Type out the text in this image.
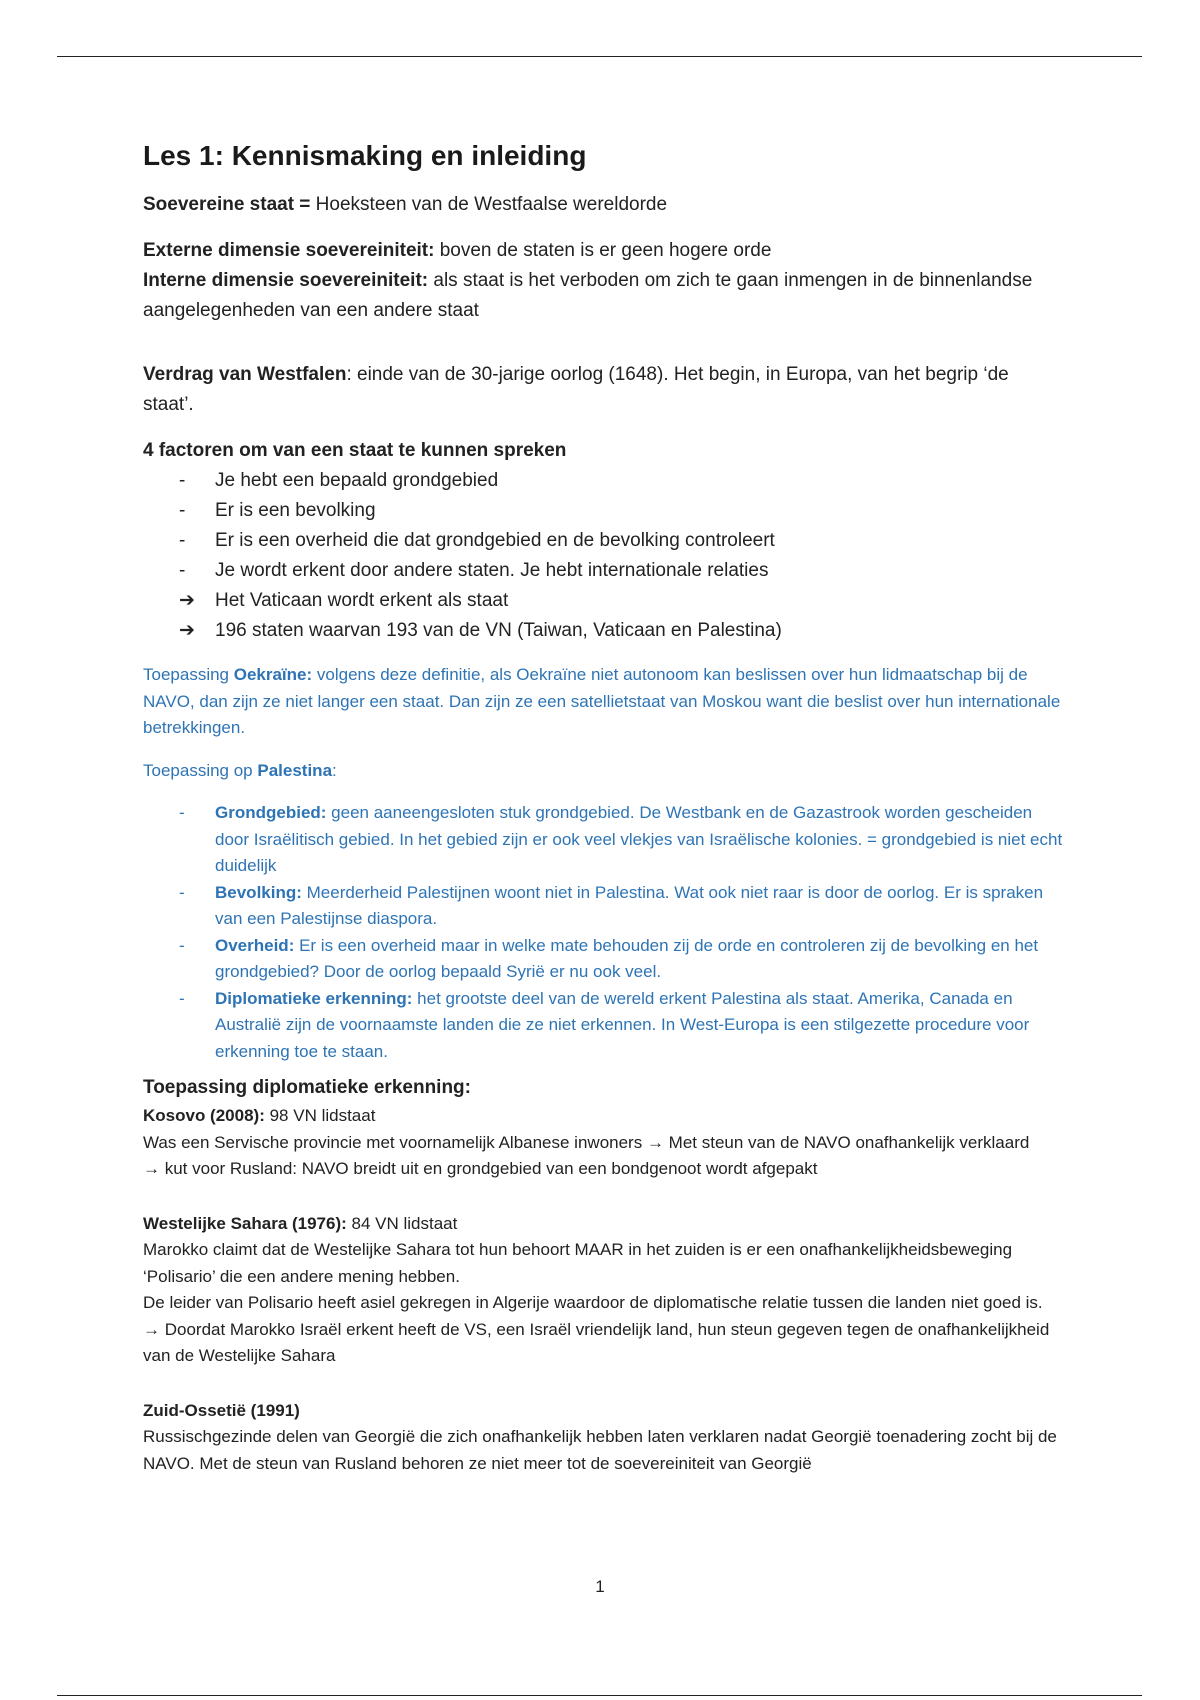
Les 1: Kennismaking en inleiding

Soevereine staat = Hoeksteen van de Westfaalse wereldorde

Externe dimensie soevereiniteit: boven de staten is er geen hogere orde

Interne dimensie soevereiniteit: als staat is het verboden om zich te gaan inmengen in de binnenlandse aangelegenheden van een andere staat

Verdrag van Westfalen: einde van de 30-jarige oorlog (1648). Het begin, in Europa, van het begrip ‘de staat’.

4 factoren om van een staat te kunnen spreken

- Je hebt een bepaald grondgebied
- Er is een bevolking
- Er is een overheid die dat grondgebied en de bevolking controleert
- Je wordt erkent door andere staten. Je hebt internationale relaties
➔ Het Vaticaan wordt erkent als staat
➔ 196 staten waarvan 193 van de VN (Taiwan, Vaticaan en Palestina)

Toepassing Oekraïne: volgens deze definitie, als Oekraïne niet autonoom kan beslissen over hun lidmaatschap bij de NAVO, dan zijn ze niet langer een staat. Dan zijn ze een satellietstaat van Moskou want die beslist over hun internationale betrekkingen.

Toepassing op Palestina:

- Grondgebied: geen aaneengesloten stuk grondgebied. De Westbank en de Gazastrook worden gescheiden door Israëlitisch gebied. In het gebied zijn er ook veel vlekjes van Israëlische kolonies. = grondgebied is niet echt duidelijk
- Bevolking: Meerderheid Palestijnen woont niet in Palestina. Wat ook niet raar is door de oorlog. Er is spraken van een Palestijnse diaspora.
- Overheid: Er is een overheid maar in welke mate behouden zij de orde en controleren zij de bevolking en het grondgebied? Door de oorlog bepaald Syrië er nu ook veel.
- Diplomatieke erkenning: het grootste deel van de wereld erkent Palestina als staat. Amerika, Canada en Australië zijn de voornaamste landen die ze niet erkennen. In West-Europa is een stilgezette procedure voor erkenning toe te staan.

Toepassing diplomatieke erkenning:

Kosovo (2008): 98 VN lidstaat

Was een Servische provincie met voornamelijk Albanese inwoners → Met steun van de NAVO onafhankelijk verklaard

→ kut voor Rusland: NAVO breidt uit en grondgebied van een bondgenoot wordt afgepakt

Westelijke Sahara (1976): 84 VN lidstaat

Marokko claimt dat de Westelijke Sahara tot hun behoort MAAR in het zuiden is er een onafhankelijkheidsbeweging ‘Polisario’ die een andere mening hebben.

De leider van Polisario heeft asiel gekregen in Algerije waardoor de diplomatische relatie tussen die landen niet goed is.

→ Doordat Marokko Israël erkent heeft de VS, een Israël vriendelijk land, hun steun gegeven tegen de onafhankelijkheid van de Westelijke Sahara

Zuid-Ossetië (1991)

Russischgezinde delen van Georgië die zich onafhankelijk hebben laten verklaren nadat Georgië toenadering zocht bij de NAVO. Met de steun van Rusland behoren ze niet meer tot de soevereiniteit van Georgië

1
